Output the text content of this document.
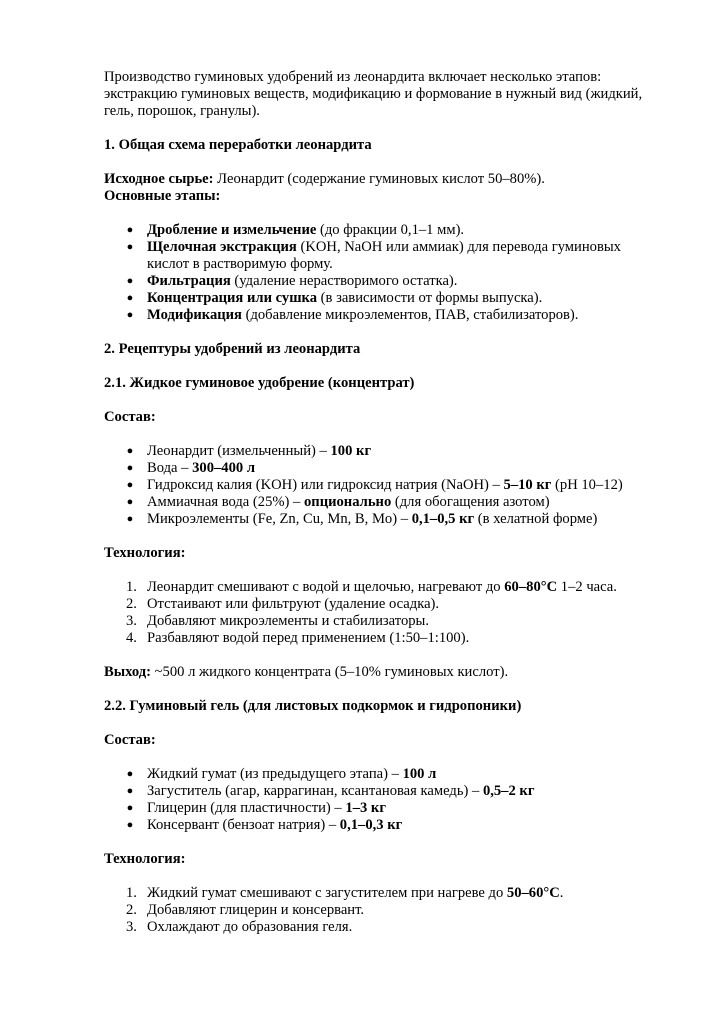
Производство гуминовых удобрений из леонардита включает несколько этапов: экстракцию гуминовых веществ, модификацию и формование в нужный вид (жидкий, гель, порошок, гранулы).

1. Общая схема переработки леонардита

Исходное сырье: Леонардит (содержание гуминовых кислот 50–80%).

Основные этапы:

● Дробление и измельчение (до фракции 0,1–1 мм).
● Щелочная экстракция (KOH, NaOH или аммиак) для перевода гуминовых кислот в растворимую форму.
● Фильтрация (удаление нерастворимого остатка).
● Концентрация или сушка (в зависимости от формы выпуска).
● Модификация (добавление микроэлементов, ПАВ, стабилизаторов).
2. Рецептуры удобрений из леонардита
2.1. Жидкое гуминовое удобрение (концентрат)
Состав:
● Леонардит (измельченный) – 100 кг
● Вода – 300–400 л
● Гидроксид калия (KOH) или гидроксид натрия (NaOH) – 5–10 кг (pH 10–12)
● Аммиачная вода (25%) – опционально (для обогащения азотом)
● Микроэлементы (Fe, Zn, Cu, Mn, B, Mo) – 0,1–0,5 кг (в хелатной форме)
Технология:
1. Леонардит смешивают с водой и щелочью, нагревают до 60–80°C 1–2 часа.
2. Отстаивают или фильтруют (удаление осадка).
3. Добавляют микроэлементы и стабилизаторы.
4. Разбавляют водой перед применением (1:50–1:100).

Выход: ~500 л жидкого концентрата (5–10% гуминовых кислот).

2.2. Гуминовый гель (для листовых подкормок и гидропоники)
Состав:
● Жидкий гумат (из предыдущего этапа) – 100 л
● Загуститель (агар, каррагинан, ксантановая камедь) – 0,5–2 кг
● Глицерин (для пластичности) – 1–3 кг
● Консервант (бензоат натрия) – 0,1–0,3 кг
Технология:
1. Жидкий гумат смешивают с загустителем при нагреве до 50–60°C.
2. Добавляют глицерин и консервант.
3. Охлаждают до образования геля.
